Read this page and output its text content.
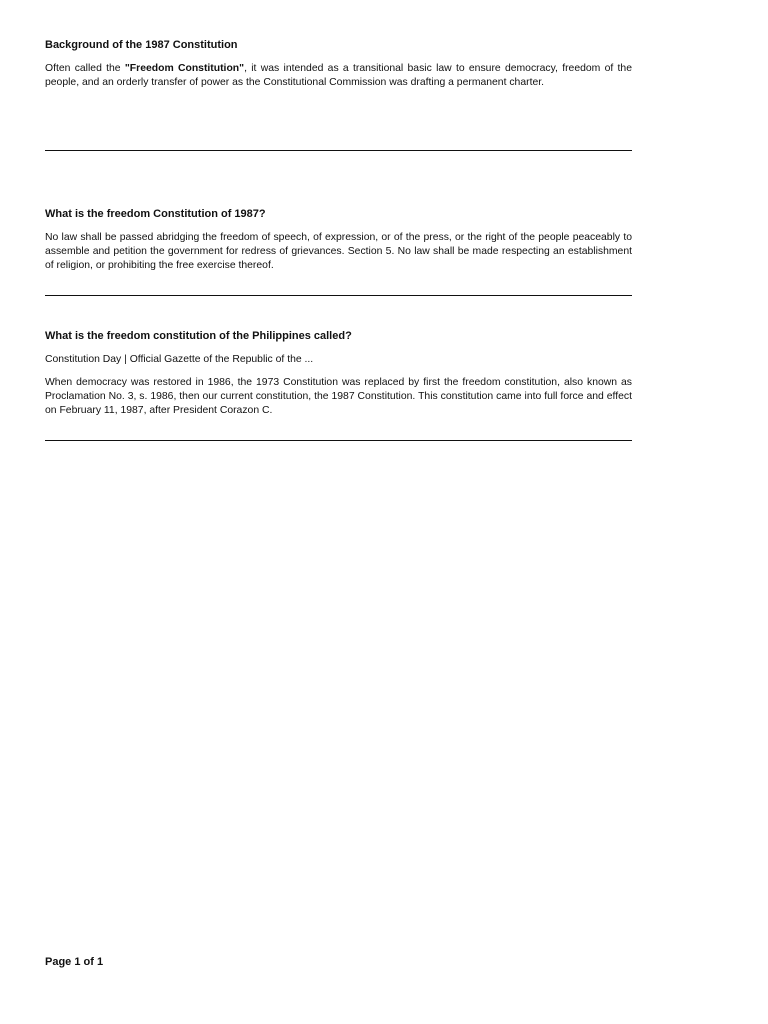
Background of the 1987 Constitution

Often called the "Freedom Constitution", it was intended as a transitional basic law to ensure democracy, freedom of the people, and an orderly transfer of power as the Constitutional Commission was drafting a permanent charter.

What is the freedom Constitution of 1987?

No law shall be passed abridging the freedom of speech, of expression, or of the press, or the right of the people peaceably to assemble and petition the government for redress of grievances. Section 5. No law shall be made respecting an establishment of religion, or prohibiting the free exercise thereof.

What is the freedom constitution of the Philippines called?

Constitution Day | Official Gazette of the Republic of the ...

When democracy was restored in 1986, the 1973 Constitution was replaced by first the freedom constitution, also known as Proclamation No. 3, s. 1986, then our current constitution, the 1987 Constitution. This constitution came into full force and effect on February 11, 1987, after President Corazon C.

Page 1 of 1
